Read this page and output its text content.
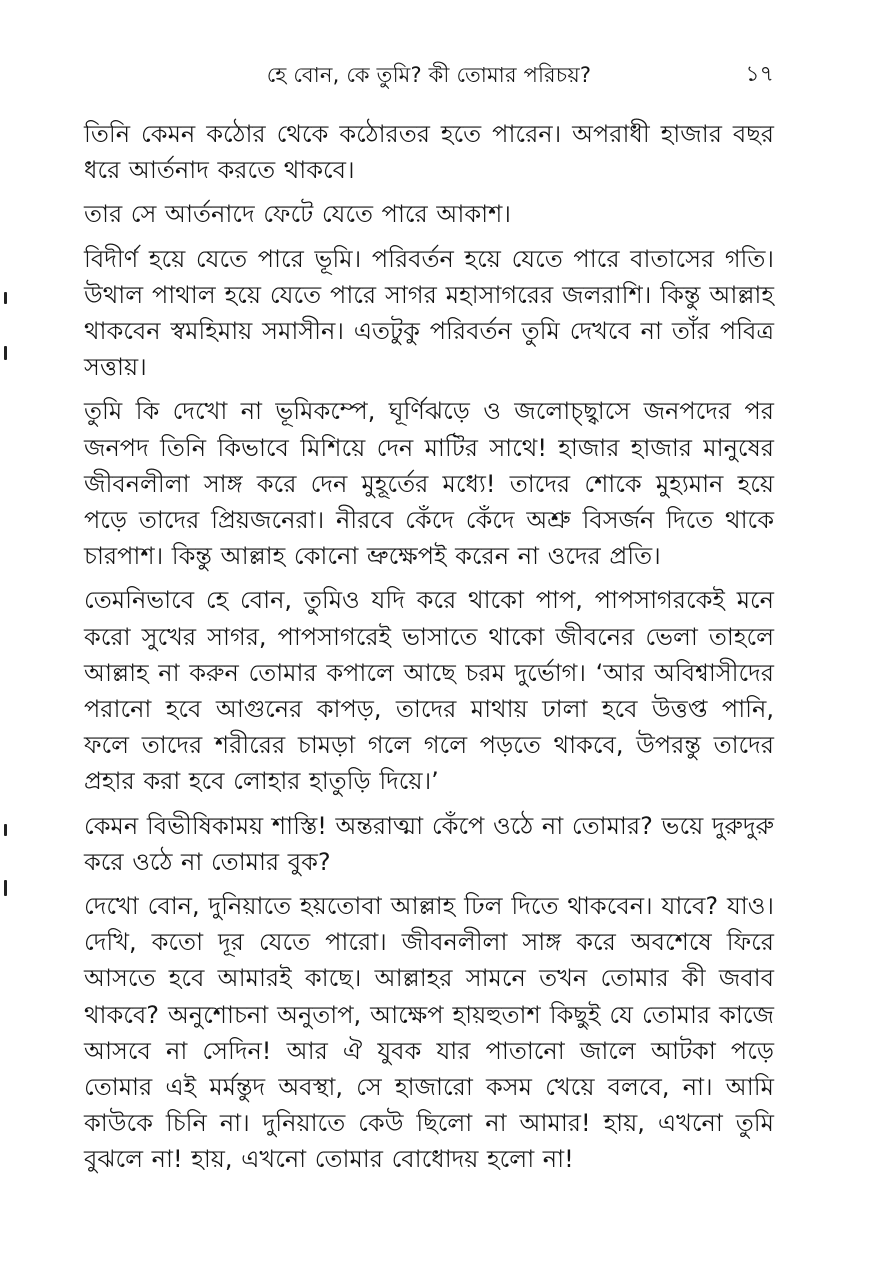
হে বোন, কে তুমি? কী তোমার পরিচয়?	১৭

তিনি কেমন কঠোর থেকে কঠোরতর হতে পারেন। অপরাধী হাজার বছর ধরে আর্তনাদ করতে থাকবে।

তার সে আর্তনাদে ফেটে যেতে পারে আকাশ।

বিদীর্ণ হয়ে যেতে পারে ভূমি। পরিবর্তন হয়ে যেতে পারে বাতাসের গতি। উথাল পাথাল হয়ে যেতে পারে সাগর মহাসাগরের জলরাশি। কিন্তু আল্লাহ থাকবেন স্বমহিমায় সমাসীন। এতটুকু পরিবর্তন তুমি দেখবে না তাঁর পবিত্র সত্তায়।

তুমি কি দেখো না ভূমিকম্পে, ঘূর্ণিঝড়ে ও জলোচ্ছ্বাসে জনপদের পর জনপদ তিনি কিভাবে মিশিয়ে দেন মাটির সাথে! হাজার হাজার মানুষের জীবনলীলা সাঙ্গ করে দেন মুহূর্তের মধ্যে! তাদের শোকে মুহ্যমান হয়ে পড়ে তাদের প্রিয়জনেরা। নীরবে কেঁদে কেঁদে অশ্রু বিসর্জন দিতে থাকে চারপাশ। কিন্তু আল্লাহ কোনো ভ্রুক্ষেপই করেন না ওদের প্রতি।

তেমনিভাবে হে বোন, তুমিও যদি করে থাকো পাপ, পাপসাগরকেই মনে করো সুখের সাগর, পাপসাগরেই ভাসাতে থাকো জীবনের ভেলা তাহলে আল্লাহ না করুন তোমার কপালে আছে চরম দুর্ভোগ। ‘আর অবিশ্বাসীদের পরানো হবে আগুনের কাপড়, তাদের মাথায় ঢালা হবে উত্তপ্ত পানি, ফলে তাদের শরীরের চামড়া গলে গলে পড়তে থাকবে, উপরন্তু তাদের প্রহার করা হবে লোহার হাতুড়ি দিয়ে।’

কেমন বিভীষিকাময় শাস্তি! অন্তরাত্মা কেঁপে ওঠে না তোমার? ভয়ে দুরুদুরু করে ওঠে না তোমার বুক?

দেখো বোন, দুনিয়াতে হয়তোবা আল্লাহ ঢিল দিতে থাকবেন। যাবে? যাও। দেখি, কতো দূর যেতে পারো। জীবনলীলা সাঙ্গ করে অবশেষে ফিরে আসতে হবে আমারই কাছে। আল্লাহর সামনে তখন তোমার কী জবাব থাকবে? অনুশোচনা অনুতাপ, আক্ষেপ হায়হুতাশ কিছুই যে তোমার কাজে আসবে না সেদিন! আর ঐ যুবক যার পাতানো জালে আটকা পড়ে তোমার এই মর্মন্তুদ অবস্থা, সে হাজারো কসম খেয়ে বলবে, না। আমি কাউকে চিনি না। দুনিয়াতে কেউ ছিলো না আমার! হায়, এখনো তুমি বুঝলে না! হায়, এখনো তোমার বোধোদয় হলো না!
